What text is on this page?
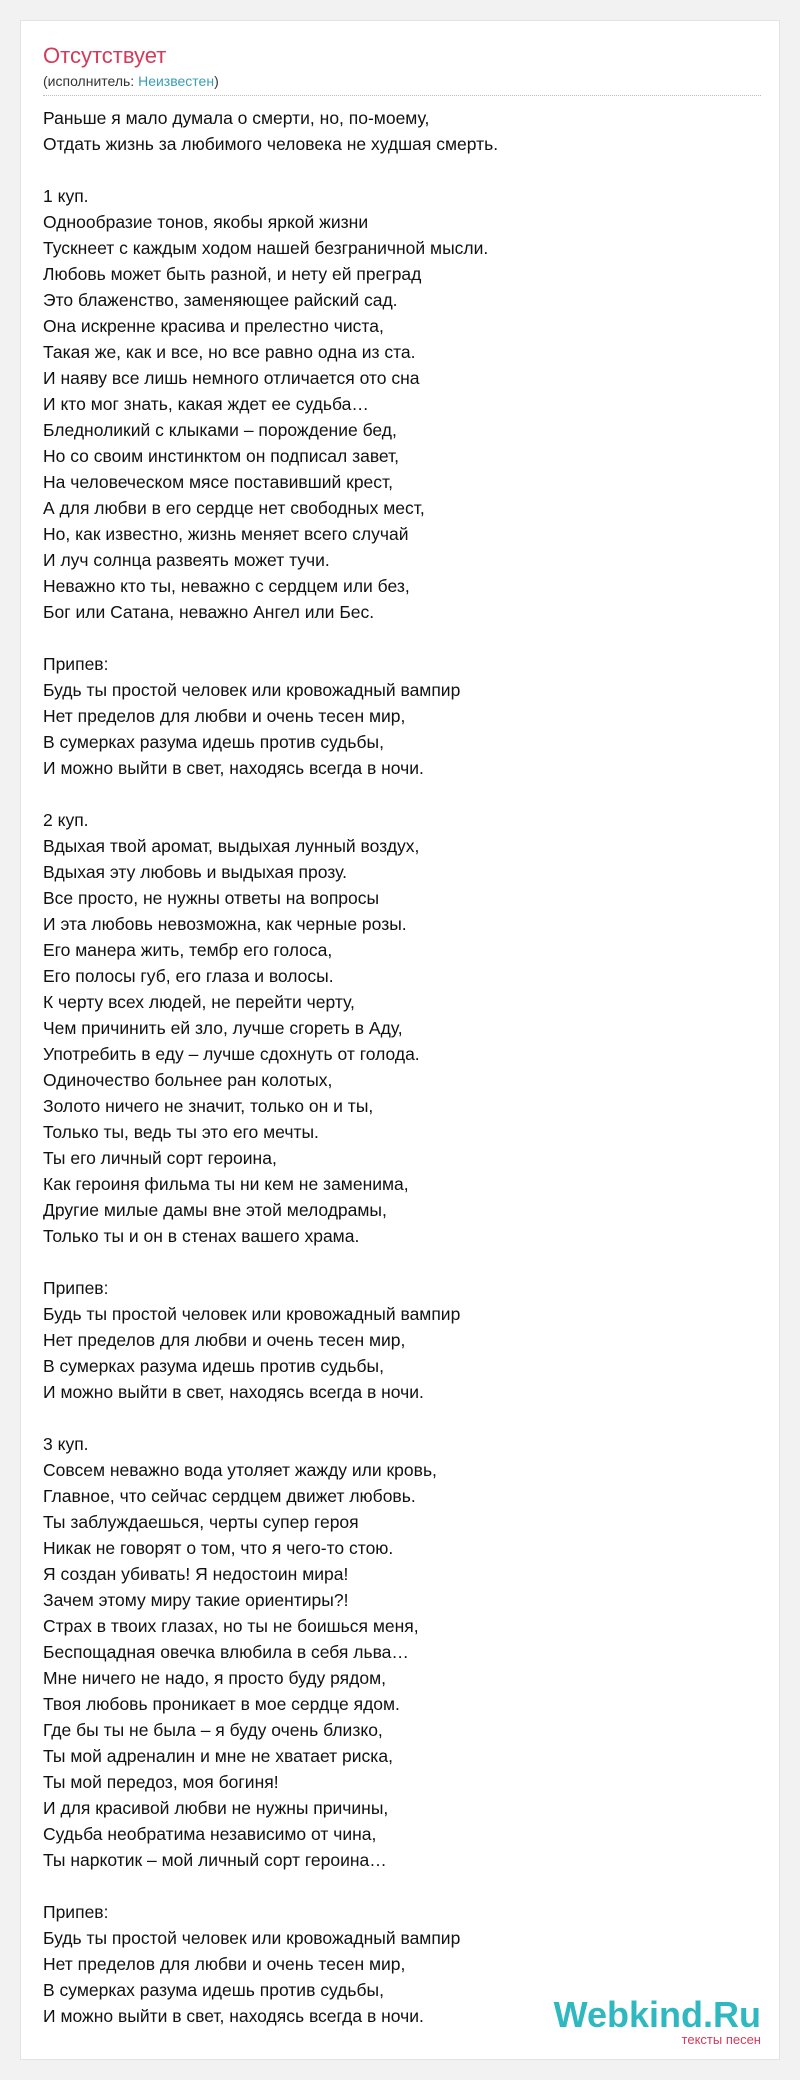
Отсутствует
(исполнитель: Неизвестен)
Раньше я мало думала о смерти, но, по-моему,
Отдать жизнь за любимого человека не худшая смерть.
1 куп.
Однообразие тонов, якобы яркой жизни
Тускнеет с каждым ходом нашей безграничной мысли.
Любовь может быть разной, и нету ей преград
Это блаженство, заменяющее райский сад.
Она искренне красива и прелестно чиста,
Такая же, как и все, но все равно одна из ста.
И наяву все лишь немного отличается ото сна
И кто мог знать, какая ждет ее судьба…
Бледноликий с клыками – порождение бед,
Но со своим инстинктом он подписал завет,
На человеческом мясе поставивший крест,
А для любви в его сердце нет свободных мест,
Но, как известно, жизнь меняет всего случай
И луч солнца развеять может тучи.
Неважно кто ты, неважно с сердцем или без,
Бог или Сатана, неважно Ангел или Бес.
Припев:
Будь ты простой человек или кровожадный вампир
Нет пределов для любви и очень тесен мир,
В сумерках разума идешь против судьбы,
И можно выйти в свет, находясь всегда в ночи.
2 куп.
Вдыхая твой аромат, выдыхая лунный воздух,
Вдыхая эту любовь и выдыхая прозу.
Все просто, не нужны ответы на вопросы
И эта любовь невозможна, как черные розы.
Его манера жить, тембр его голоса,
Его полосы губ, его глаза и волосы.
К черту всех людей, не перейти черту,
Чем причинить ей зло, лучше сгореть в Аду,
Употребить в еду – лучше сдохнуть от голода.
Одиночество больнее ран колотых,
Золото ничего не значит, только он и ты,
Только ты, ведь ты это его мечты.
Ты его личный сорт героина,
Как героиня фильма ты ни кем не заменима,
Другие милые дамы вне этой мелодрамы,
Только ты и он в стенах вашего храма.
Припев:
Будь ты простой человек или кровожадный вампир
Нет пределов для любви и очень тесен мир,
В сумерках разума идешь против судьбы,
И можно выйти в свет, находясь всегда в ночи.
3 куп.
Совсем неважно вода утоляет жажду или кровь,
Главное, что сейчас сердцем движет любовь.
Ты заблуждаешься, черты супер героя
Никак не говорят о том, что я чего-то стою.
Я создан убивать! Я недостоин мира!
Зачем этому миру такие ориентиры?!
Страх в твоих глазах, но ты не боишься меня,
Беспощадная овечка влюбила в себя льва…
Мне ничего не надо, я просто буду рядом,
Твоя любовь проникает в мое сердце ядом.
Где бы ты не была – я буду очень близко,
Ты мой адреналин и мне не хватает риска,
Ты мой передоз, моя богиня!
И для красивой любви не нужны причины,
Судьба необратима независимо от чина,
Ты наркотик – мой личный сорт героина…
Припев:
Будь ты простой человек или кровожадный вампир
Нет пределов для любви и очень тесен мир,
В сумерках разума идешь против судьбы,
И можно выйти в свет, находясь всегда в ночи.	Webkind.Ru
тексты песен
